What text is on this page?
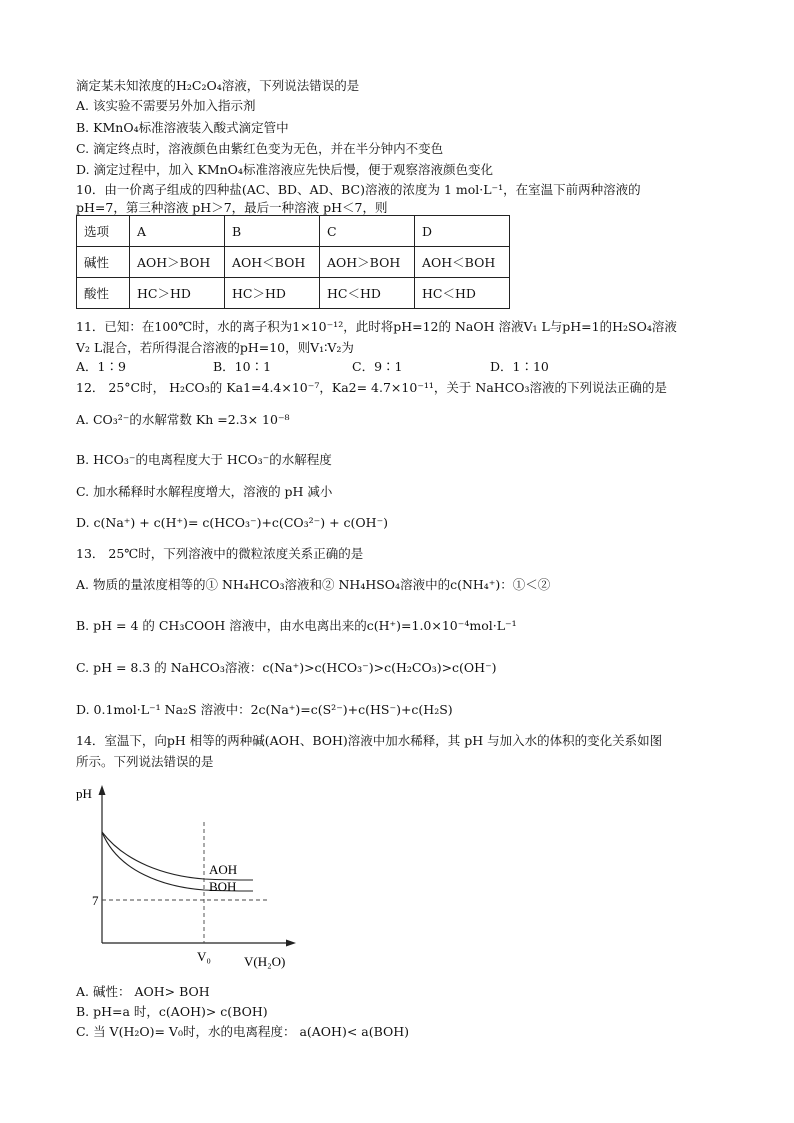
滴定某未知浓度的H₂C₂O₄溶液，下列说法错误的是
A. 该实验不需要另外加入指示剂
B. KMnO₄标准溶液装入酸式滴定管中
C. 滴定终点时，溶液颜色由紫红色变为无色，并在半分钟内不变色
D. 滴定过程中，加入 KMnO₄标准溶液应先快后慢，便于观察溶液颜色变化
10．由一价离子组成的四种盐(AC、BD、AD、BC)溶液的浓度为 1 mol·L⁻¹，在室温下前两种溶液的
pH=7，第三种溶液 pH＞7，最后一种溶液 pH＜7，则
选项	A	B	C	D
碱性	AOH＞BOH	AOH＜BOH	AOH＞BOH	AOH＜BOH
酸性	HC＞HD	HC＞HD	HC＜HD	HC＜HD
11．已知：在100℃时，水的离子积为1×10⁻¹²，此时将pH=12的 NaOH 溶液V₁ L与pH=1的H₂SO₄溶液
V₂ L混合，若所得混合溶液的pH=10，则V₁∶V₂为
A．1∶9	B．10∶1	C．9∶1	D．1∶10
12． 25°C时， H₂CO₃的 Ka1=4.4×10⁻⁷，Ka2= 4.7×10⁻¹¹，关于 NaHCO₃溶液的下列说法正确的是
A. CO₃²⁻的水解常数 Kh =2.3× 10⁻⁸
B. HCO₃⁻的电离程度大于 HCO₃⁻的水解程度
C. 加水稀释时水解程度增大，溶液的 pH 减小
D. c(Na⁺) + c(H⁺)= c(HCO₃⁻)+c(CO₃²⁻) + c(OH⁻)
13． 25℃时，下列溶液中的微粒浓度关系正确的是
A. 物质的量浓度相等的① NH₄HCO₃溶液和② NH₄HSO₄溶液中的c(NH₄⁺)：①＜②
B. pH = 4 的 CH₃COOH 溶液中，由水电离出来的c(H⁺)=1.0×10⁻⁴mol·L⁻¹
C. pH = 8.3 的 NaHCO₃溶液：c(Na⁺)>c(HCO₃⁻)>c(H₂CO₃)>c(OH⁻)
D. 0.1mol·L⁻¹ Na₂S 溶液中：2c(Na⁺)=c(S²⁻)+c(HS⁻)+c(H₂S)
14．室温下，向pH 相等的两种碱(AOH、BOH)溶液中加水稀释，其 pH 与加入水的体积的变化关系如图
所示。下列说法错误的是
pH
7
AOH
BOH
V₀	V(H₂O)
A. 碱性： AOH> BOH
B. pH=a 时，c(AOH)> c(BOH)
C. 当 V(H₂O)= V₀时，水的电离程度： a(AOH)< a(BOH)
